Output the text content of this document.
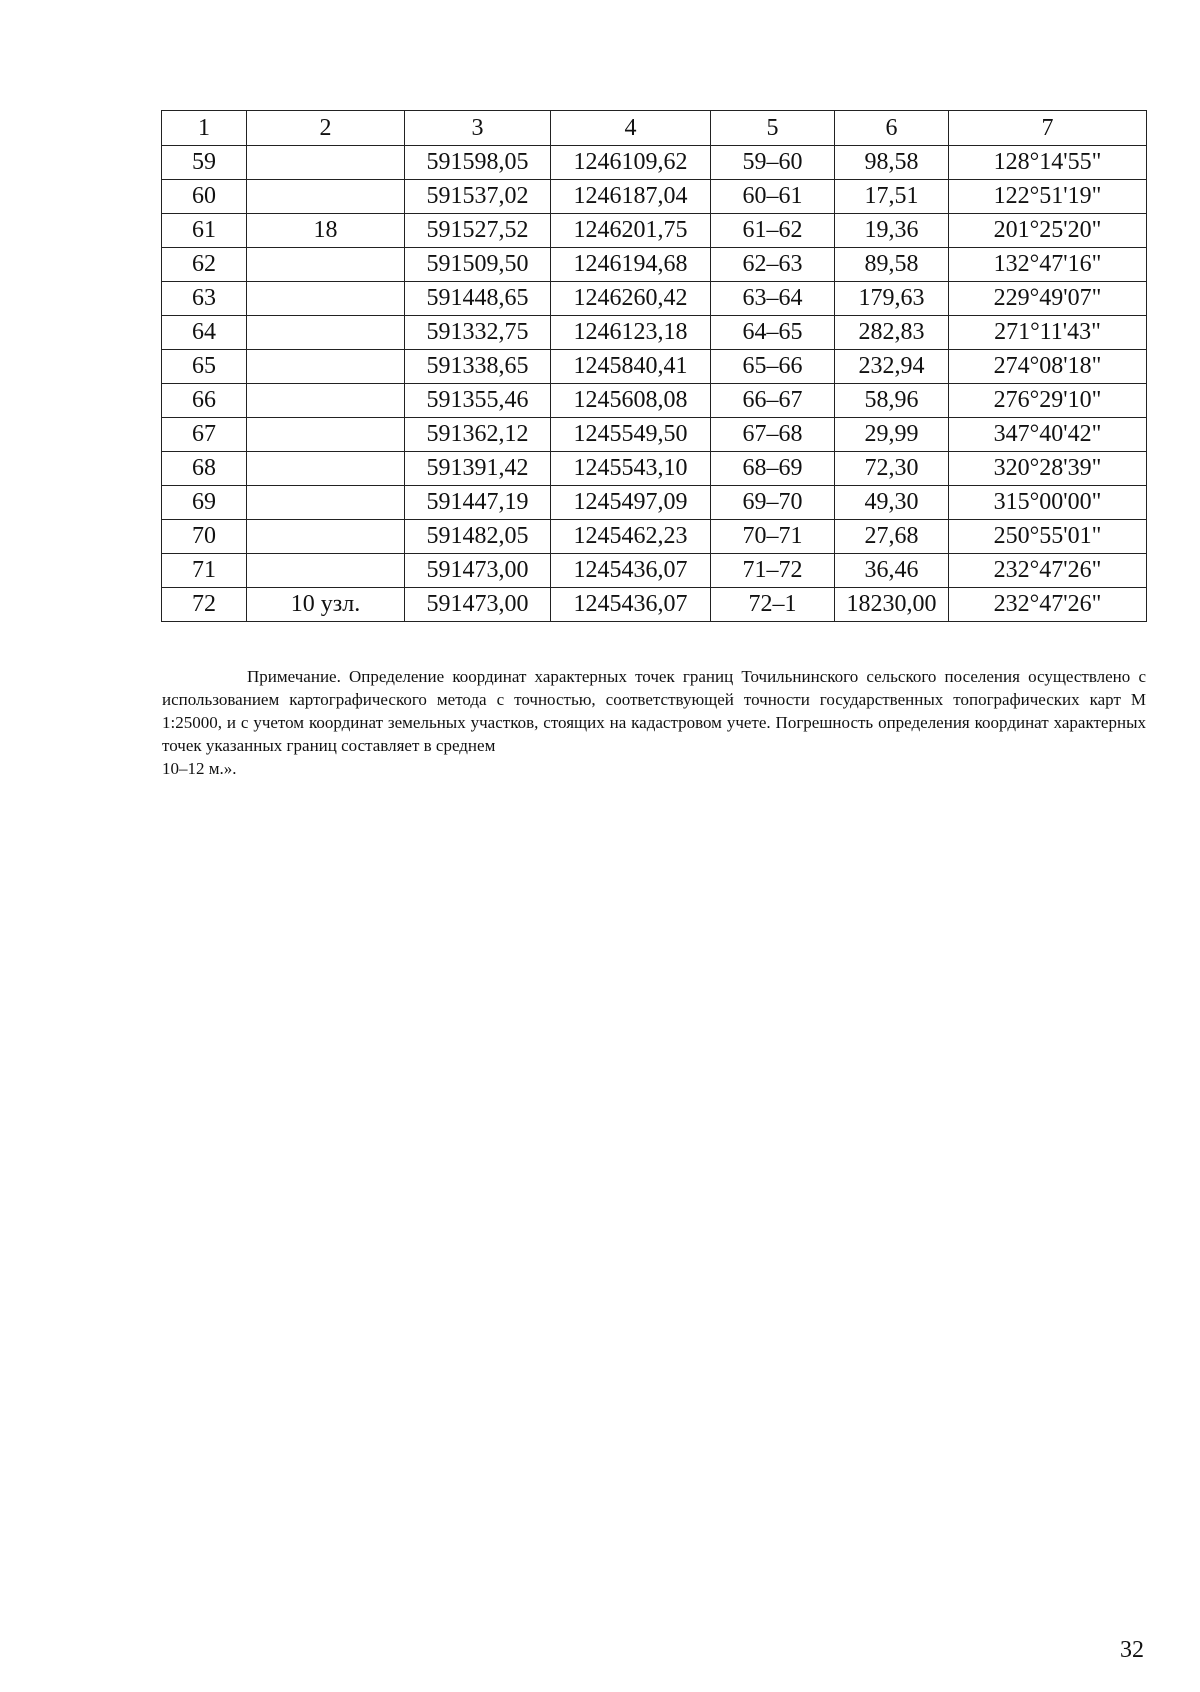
1	2	3	4	5	6	7
59		591598,05	1246109,62	59–60	98,58	128°14'55"
60		591537,02	1246187,04	60–61	17,51	122°51'19"
61	18	591527,52	1246201,75	61–62	19,36	201°25'20"
62		591509,50	1246194,68	62–63	89,58	132°47'16"
63		591448,65	1246260,42	63–64	179,63	229°49'07"
64		591332,75	1246123,18	64–65	282,83	271°11'43"
65		591338,65	1245840,41	65–66	232,94	274°08'18"
66		591355,46	1245608,08	66–67	58,96	276°29'10"
67		591362,12	1245549,50	67–68	29,99	347°40'42"
68		591391,42	1245543,10	68–69	72,30	320°28'39"
69		591447,19	1245497,09	69–70	49,30	315°00'00"
70		591482,05	1245462,23	70–71	27,68	250°55'01"
71		591473,00	1245436,07	71–72	36,46	232°47'26"
72	10 узл.	591473,00	1245436,07	72–1	18230,00	232°47'26"

Примечание. Определение координат характерных точек границ Точильнинского сельского поселения осуществлено с использованием картографического метода с точностью, соответствующей точности государственных топографических карт М 1:25000, и с учетом координат земельных участков, стоящих на кадастровом учете. Погрешность определения координат характерных точек указанных границ составляет в среднем

10–12 м.».

32
